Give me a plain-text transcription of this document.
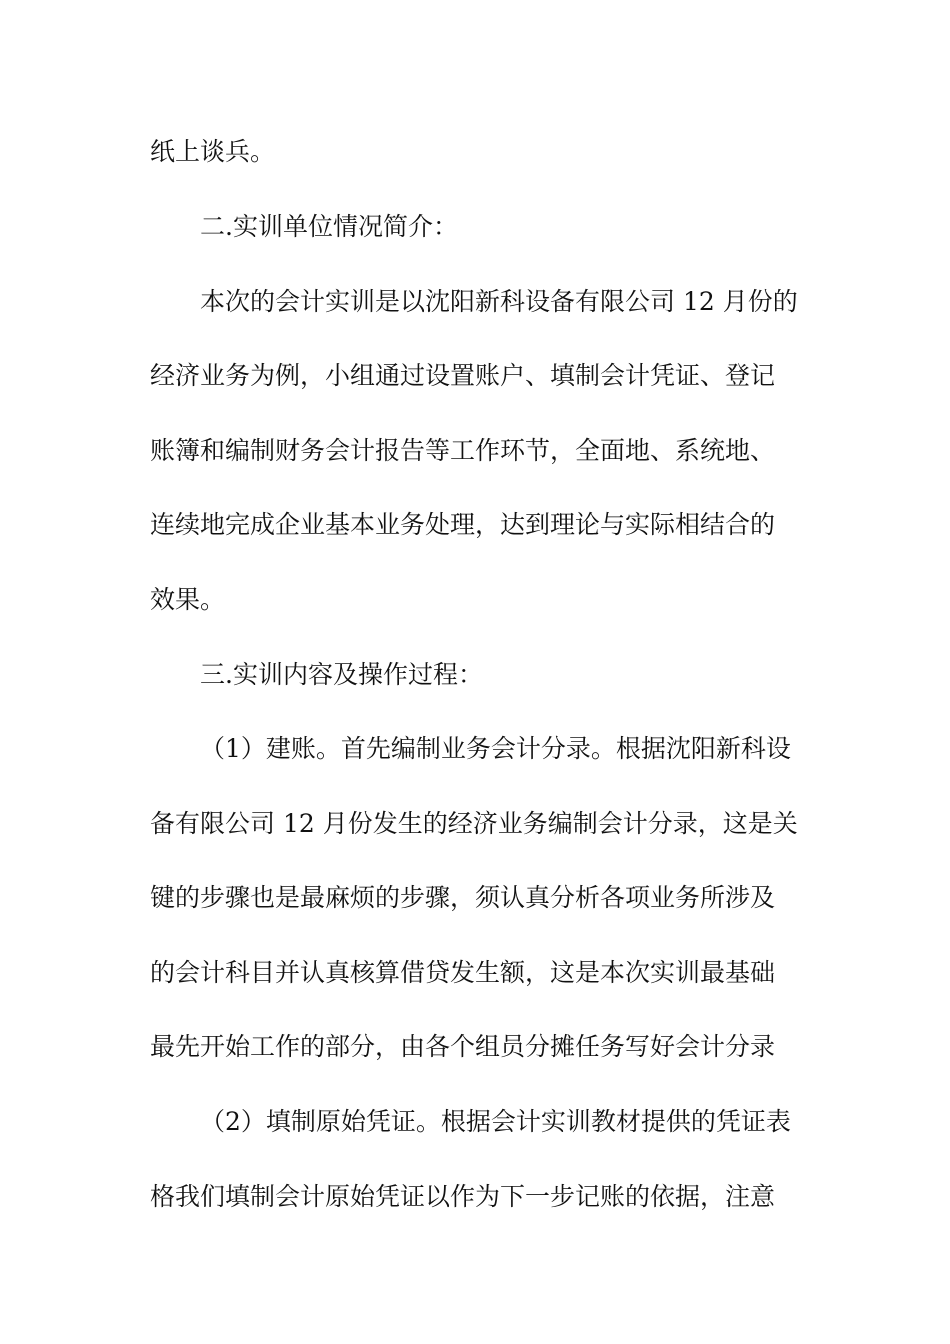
纸上谈兵。
二.实训单位情况简介：
本次的会计实训是以沈阳新科设备有限公司 12 月份的
经济业务为例，小组通过设置账户、填制会计凭证、登记
账簿和编制财务会计报告等工作环节，全面地、系统地、
连续地完成企业基本业务处理，达到理论与实际相结合的
效果。
三.实训内容及操作过程：
（1）建账。首先编制业务会计分录。根据沈阳新科设
备有限公司 12 月份发生的经济业务编制会计分录，这是关
键的步骤也是最麻烦的步骤，须认真分析各项业务所涉及
的会计科目并认真核算借贷发生额，这是本次实训最基础
最先开始工作的部分，由各个组员分摊任务写好会计分录
（2）填制原始凭证。根据会计实训教材提供的凭证表
格我们填制会计原始凭证以作为下一步记账的依据，注意
